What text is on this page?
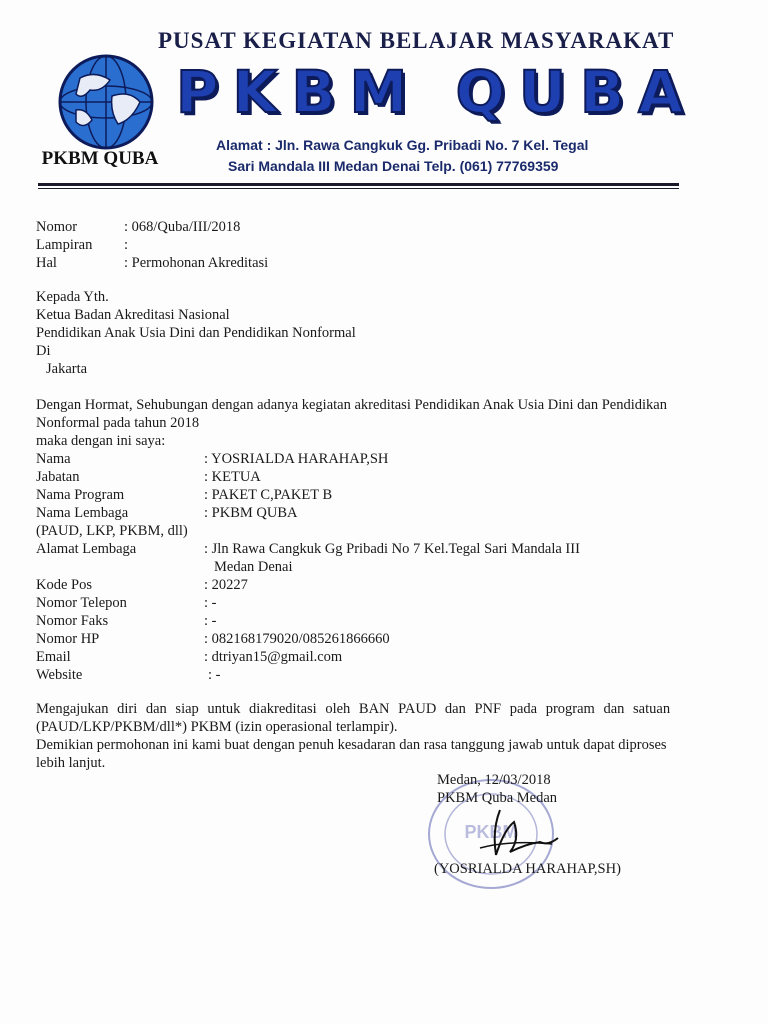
PKBM QUBA
PUSAT KEGIATAN BELAJAR MASYARAKAT
PKBM QUBA
Alamat : Jln. Rawa Cangkuk Gg. Pribadi No. 7 Kel. Tegal
Sari Mandala III Medan Denai Telp. (061) 77769359
Nomor	: 068/Quba/III/2018
Lampiran :
Hal	: Permohonan Akreditasi
Kepada Yth.
Ketua Badan Akreditasi Nasional
Pendidikan Anak Usia Dini dan Pendidikan Nonformal
Di
Jakarta
Dengan Hormat, Sehubungan dengan adanya kegiatan akreditasi Pendidikan Anak Usia Dini dan Pendidikan
Nonformal pada tahun 2018
maka dengan ini saya:
Nama	: YOSRIALDA HARAHAP,SH
Jabatan	: KETUA
Nama Program	: PAKET C,PAKET B
Nama Lembaga	: PKBM QUBA
(PAUD, LKP, PKBM, dll)
Alamat Lembaga	: Jln Rawa Cangkuk Gg Pribadi No 7 Kel.Tegal Sari Mandala III
Medan Denai
Kode Pos	: 20227
Nomor Telepon	: -
Nomor Faks	: -
Nomor HP	: 082168179020/085261866660
Email	: dtriyan15@gmail.com
Website	: -
Mengajukan diri dan siap untuk diakreditasi oleh BAN PAUD dan PNF pada program dan satuan
(PAUD/LKP/PKBM/dll*) PKBM (izin operasional terlampir).
Demikian permohonan ini kami buat dengan penuh kesadaran dan rasa tanggung jawab untuk dapat diproses
lebih lanjut.
PKBM
Medan, 12/03/2018
PKBM Quba Medan
(YOSRIALDA HARAHAP,SH)
